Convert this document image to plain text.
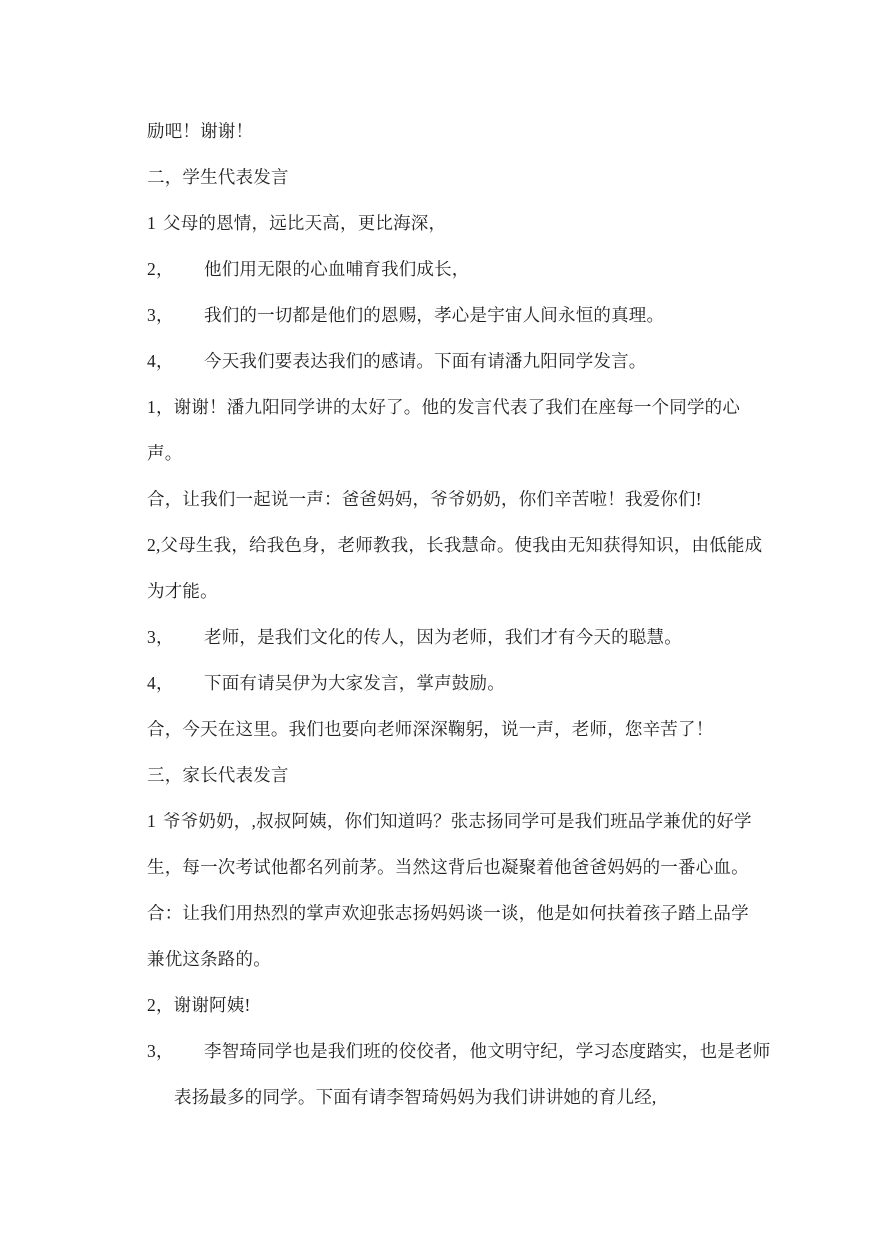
励吧！谢谢！
二，学生代表发言
1 父母的恩情，远比天高，更比海深，
2， 他们用无限的心血哺育我们成长，
3， 我们的一切都是他们的恩赐，孝心是宇宙人间永恒的真理。
4， 今天我们要表达我们的感请。下面有请潘九阳同学发言。
1，谢谢！潘九阳同学讲的太好了。他的发言代表了我们在座每一个同学的心
声。
合，让我们一起说一声：爸爸妈妈，爷爷奶奶，你们辛苦啦！我爱你们!
2,父母生我，给我色身，老师教我，长我慧命。使我由无知获得知识，由低能成
为才能。
3， 老师，是我们文化的传人，因为老师，我们才有今天的聪慧。
4， 下面有请吴伊为大家发言，掌声鼓励。
合，今天在这里。我们也要向老师深深鞠躬，说一声，老师，您辛苦了！
三，家长代表发言
1 爷爷奶奶，,叔叔阿姨，你们知道吗？张志扬同学可是我们班品学兼优的好学
生，每一次考试他都名列前茅。当然这背后也凝聚着他爸爸妈妈的一番心血。
合：让我们用热烈的掌声欢迎张志扬妈妈谈一谈，他是如何扶着孩子踏上品学
兼优这条路的。
2，谢谢阿姨!
3， 李智琦同学也是我们班的佼佼者，他文明守纪，学习态度踏实，也是老师
表扬最多的同学。下面有请李智琦妈妈为我们讲讲她的育儿经,
